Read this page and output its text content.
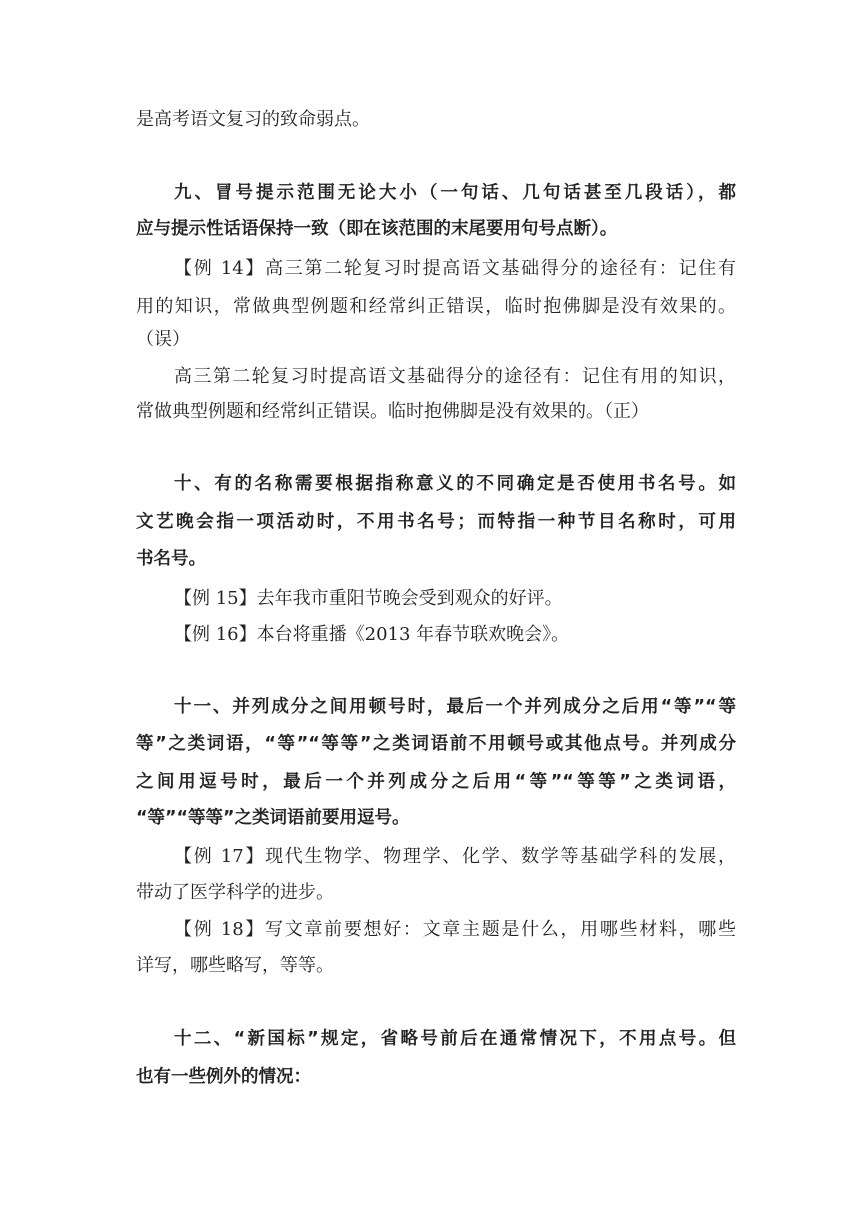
是高考语文复习的致命弱点。
九、冒号提示范围无论大小（一句话、几句话甚至几段话），都
应与提示性话语保持一致（即在该范围的末尾要用句号点断）。
【例 14】高三第二轮复习时提高语文基础得分的途径有：记住有
用的知识，常做典型例题和经常纠正错误，临时抱佛脚是没有效果的。
（误）
高三第二轮复习时提高语文基础得分的途径有：记住有用的知识，
常做典型例题和经常纠正错误。临时抱佛脚是没有效果的。（正）
十、有的名称需要根据指称意义的不同确定是否使用书名号。如
文艺晚会指一项活动时，不用书名号；而特指一种节目名称时，可用
书名号。
【例 15】去年我市重阳节晚会受到观众的好评。
【例 16】本台将重播《2013 年春节联欢晚会》。
十一、并列成分之间用顿号时，最后一个并列成分之后用“等”“等
等”之类词语，“等”“等等”之类词语前不用顿号或其他点号。并列成分
之间用逗号时，最后一个并列成分之后用“等”“等等”之类词语，
“等”“等等”之类词语前要用逗号。
【例 17】现代生物学、物理学、化学、数学等基础学科的发展，
带动了医学科学的进步。
【例 18】写文章前要想好：文章主题是什么，用哪些材料，哪些
详写，哪些略写，等等。
十二、“新国标”规定，省略号前后在通常情况下，不用点号。但
也有一些例外的情况：
